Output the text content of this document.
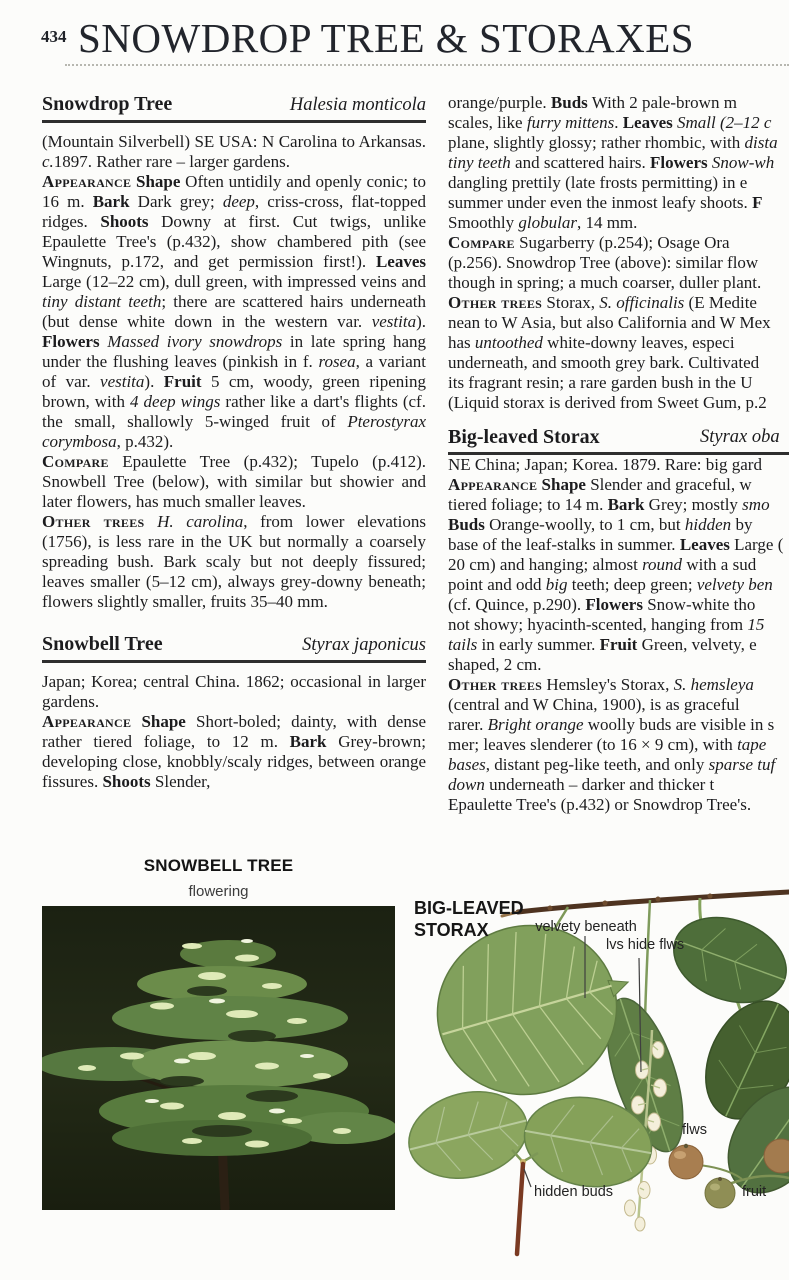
434 SNOWDROP TREE & STORAXES
Snowdrop Tree	Halesia monticola

(Mountain Silverbell) SE USA: N Carolina to Arkansas. c.1897. Rather rare – larger gardens.

Appearance Shape Often untidily and openly conic; to 16 m. Bark Dark grey; deep, criss-cross, flat-topped ridges. Shoots Downy at first. Cut twigs, unlike Epaulette Tree's (p.432), show chambered pith (see Wingnuts, p.172, and get permission first!). Leaves Large (12–22 cm), dull green, with impressed veins and tiny distant teeth; there are scattered hairs underneath (but dense white down in the western var. vestita). Flowers Massed ivory snowdrops in late spring hang under the flushing leaves (pinkish in f. rosea, a variant of var. vestita). Fruit 5 cm, woody, green ripening brown, with 4 deep wings rather like a dart's flights (cf. the small, shallowly 5-winged fruit of Pterostyrax corymbosa, p.432).

Compare Epaulette Tree (p.432); Tupelo (p.412). Snowbell Tree (below), with similar but showier and later flowers, has much smaller leaves.

Other trees H. carolina, from lower elevations (1756), is less rare in the UK but normally a coarsely spreading bush. Bark scaly but not deeply fissured; leaves smaller (5–12 cm), always grey-downy beneath; flowers slightly smaller, fruits 35–40 mm.

Snowbell Tree	Styrax japonicus

Japan; Korea; central China. 1862; occasional in larger gardens.

Appearance Shape Short-boled; dainty, with dense rather tiered foliage, to 12 m. Bark Grey-brown; developing close, knobbly/scaly ridges, between orange fissures. Shoots Slender,

orange/purple. Buds With 2 pale-brown m
scales, like furry mittens. Leaves Small (2–12 c
plane, slightly glossy; rather rhombic, with dista
tiny teeth and scattered hairs. Flowers Snow-wh
dangling prettily (late frosts permitting) in e
summer under even the inmost leafy shoots. F
Smoothly globular, 14 mm.
Compare Sugarberry (p.254); Osage Ora
(p.256). Snowdrop Tree (above): similar flow
though in spring; a much coarser, duller plant.
Other trees Storax, S. officinalis (E Medite
nean to W Asia, but also California and W Mex
has untoothed white-downy leaves, especi
underneath, and smooth grey bark. Cultivated
its fragrant resin; a rare garden bush in the U
(Liquid storax is derived from Sweet Gum, p.2
Big-leaved Storax	Styrax oba
NE China; Japan; Korea. 1879. Rare: big gard
Appearance Shape Slender and graceful, w
tiered foliage; to 14 m. Bark Grey; mostly smo
Buds Orange-woolly, to 1 cm, but hidden by
base of the leaf-stalks in summer. Leaves Large (
20 cm) and hanging; almost round with a sud
point and odd big teeth; deep green; velvety ben
(cf. Quince, p.290). Flowers Snow-white tho
not showy; hyacinth-scented, hanging from 15
tails in early summer. Fruit Green, velvety, e
shaped, 2 cm.
Other trees Hemsley's Storax, S. hemsleya
(central and W China, 1900), is as graceful
rarer. Bright orange woolly buds are visible in s
mer; leaves slenderer (to 16 × 9 cm), with tape
bases, distant peg-like teeth, and only sparse tuf
down underneath – darker and thicker t
Epaulette Tree's (p.432) or Snowdrop Tree's.
SNOWBELL TREE
flowering
BIG-LEAVED
STORAX	velvety beneath
lvs hide flws
flws
fruit
hidden buds
